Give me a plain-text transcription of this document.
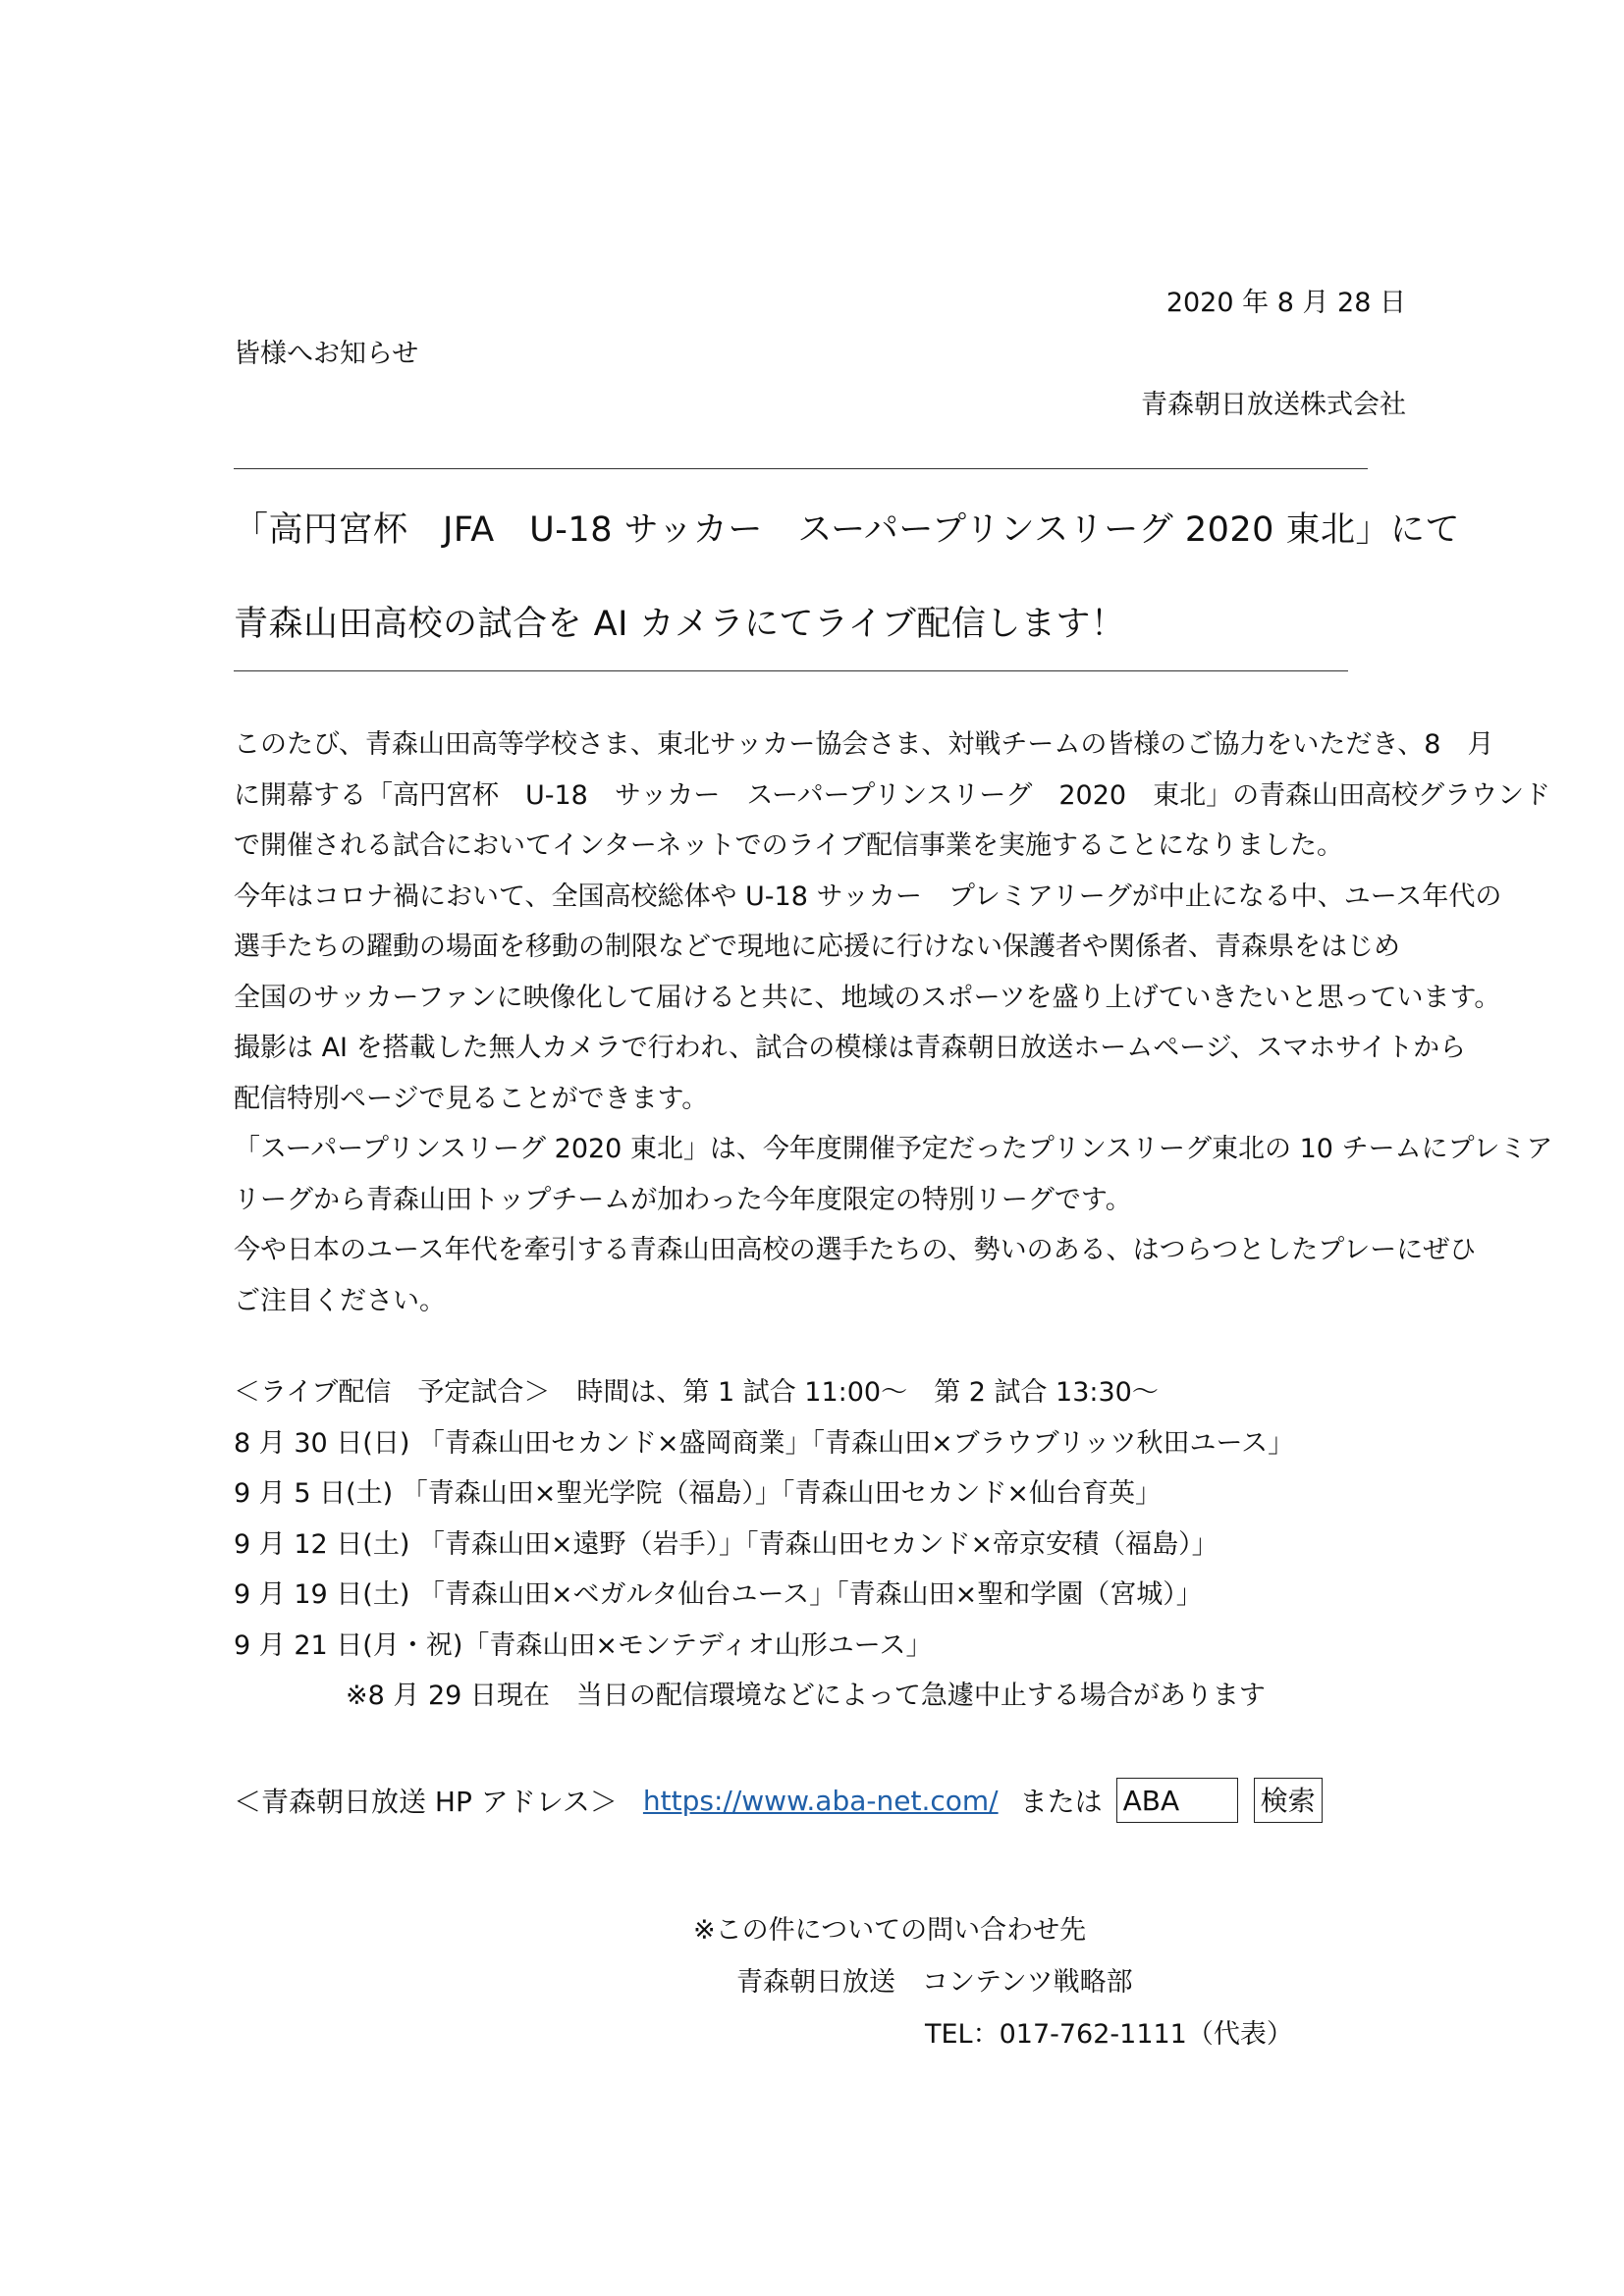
2020 年 8 月 28 日
皆様へお知らせ
青森朝日放送株式会社
「高円宮杯　JFA　U-18 サッカー　スーパープリンスリーグ 2020 東北」にて
青森山田高校の試合を AI カメラにてライブ配信します！

このたび、青森山田高等学校さま、東北サッカー協会さま、対戦チームの皆様のご協力をいただき、8　月

に開幕する「高円宮杯　U-18　サッカー　スーパープリンスリーグ　2020　東北」の青森山田高校グラウンド

で開催される試合においてインターネットでのライブ配信事業を実施することになりました。

今年はコロナ禍において、全国高校総体や U-18 サッカー　プレミアリーグが中止になる中、ユース年代の

選手たちの躍動の場面を移動の制限などで現地に応援に行けない保護者や関係者、青森県をはじめ

全国のサッカーファンに映像化して届けると共に、地域のスポーツを盛り上げていきたいと思っています。

撮影は AI を搭載した無人カメラで行われ、試合の模様は青森朝日放送ホームページ、スマホサイトから

配信特別ページで見ることができます。

「スーパープリンスリーグ 2020 東北」は、今年度開催予定だったプリンスリーグ東北の 10 チームにプレミア

リーグから青森山田トップチームが加わった今年度限定の特別リーグです。

今や日本のユース年代を牽引する青森山田高校の選手たちの、勢いのある、はつらつとしたプレーにぜひ

ご注目ください。

＜ライブ配信　予定試合＞　時間は、第 1 試合 11:00～　第 2 試合 13:30～

8 月 30 日(日) 「青森山田セカンド×盛岡商業」「青森山田×ブラウブリッツ秋田ユース」

9 月 5 日(土) 「青森山田×聖光学院（福島）」「青森山田セカンド×仙台育英」

9 月 12 日(土) 「青森山田×遠野（岩手）」「青森山田セカンド×帝京安積（福島）」

9 月 19 日(土) 「青森山田×ベガルタ仙台ユース」「青森山田×聖和学園（宮城）」

9 月 21 日(月・祝)「青森山田×モンテディオ山形ユース」

※8 月 29 日現在　当日の配信環境などによって急遽中止する場合があります

＜青森朝日放送 HP アドレス＞ https://www.aba-net.com/ または ABA	検索

※この件についての問い合わせ先

青森朝日放送　コンテンツ戦略部

TEL：017-762-1111（代表）
